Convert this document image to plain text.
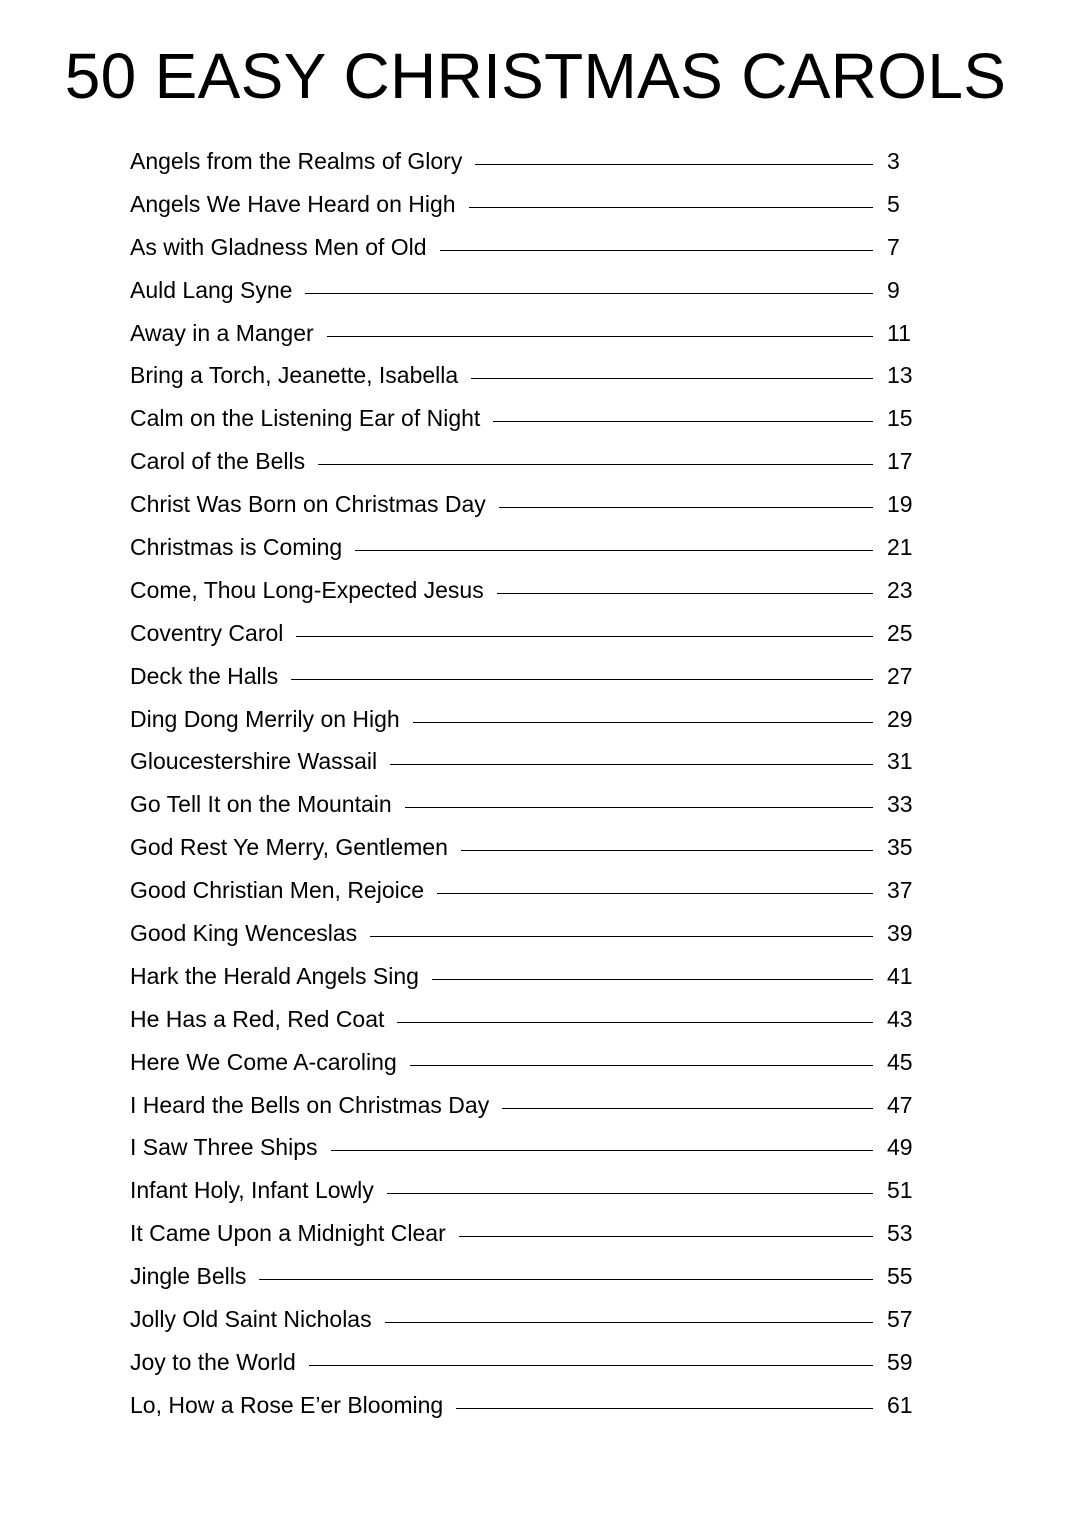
50 EASY CHRISTMAS CAROLS
Angels from the Realms of Glory	3
Angels We Have Heard on High	5
As with Gladness Men of Old	7
Auld Lang Syne	9
Away in a Manger	11
Bring a Torch, Jeanette, Isabella	13
Calm on the Listening Ear of Night	15
Carol of the Bells	17
Christ Was Born on Christmas Day	19
Christmas is Coming	21
Come, Thou Long-Expected Jesus	23
Coventry Carol	25
Deck the Halls	27
Ding Dong Merrily on High	29
Gloucestershire Wassail	31
Go Tell It on the Mountain	33
God Rest Ye Merry, Gentlemen	35
Good Christian Men, Rejoice	37
Good King Wenceslas	39
Hark the Herald Angels Sing	41
He Has a Red, Red Coat	43
Here We Come A-caroling	45
I Heard the Bells on Christmas Day	47
I Saw Three Ships	49
Infant Holy, Infant Lowly	51
It Came Upon a Midnight Clear	53
Jingle Bells	55
Jolly Old Saint Nicholas	57
Joy to the World	59
Lo, How a Rose E’er Blooming	61
